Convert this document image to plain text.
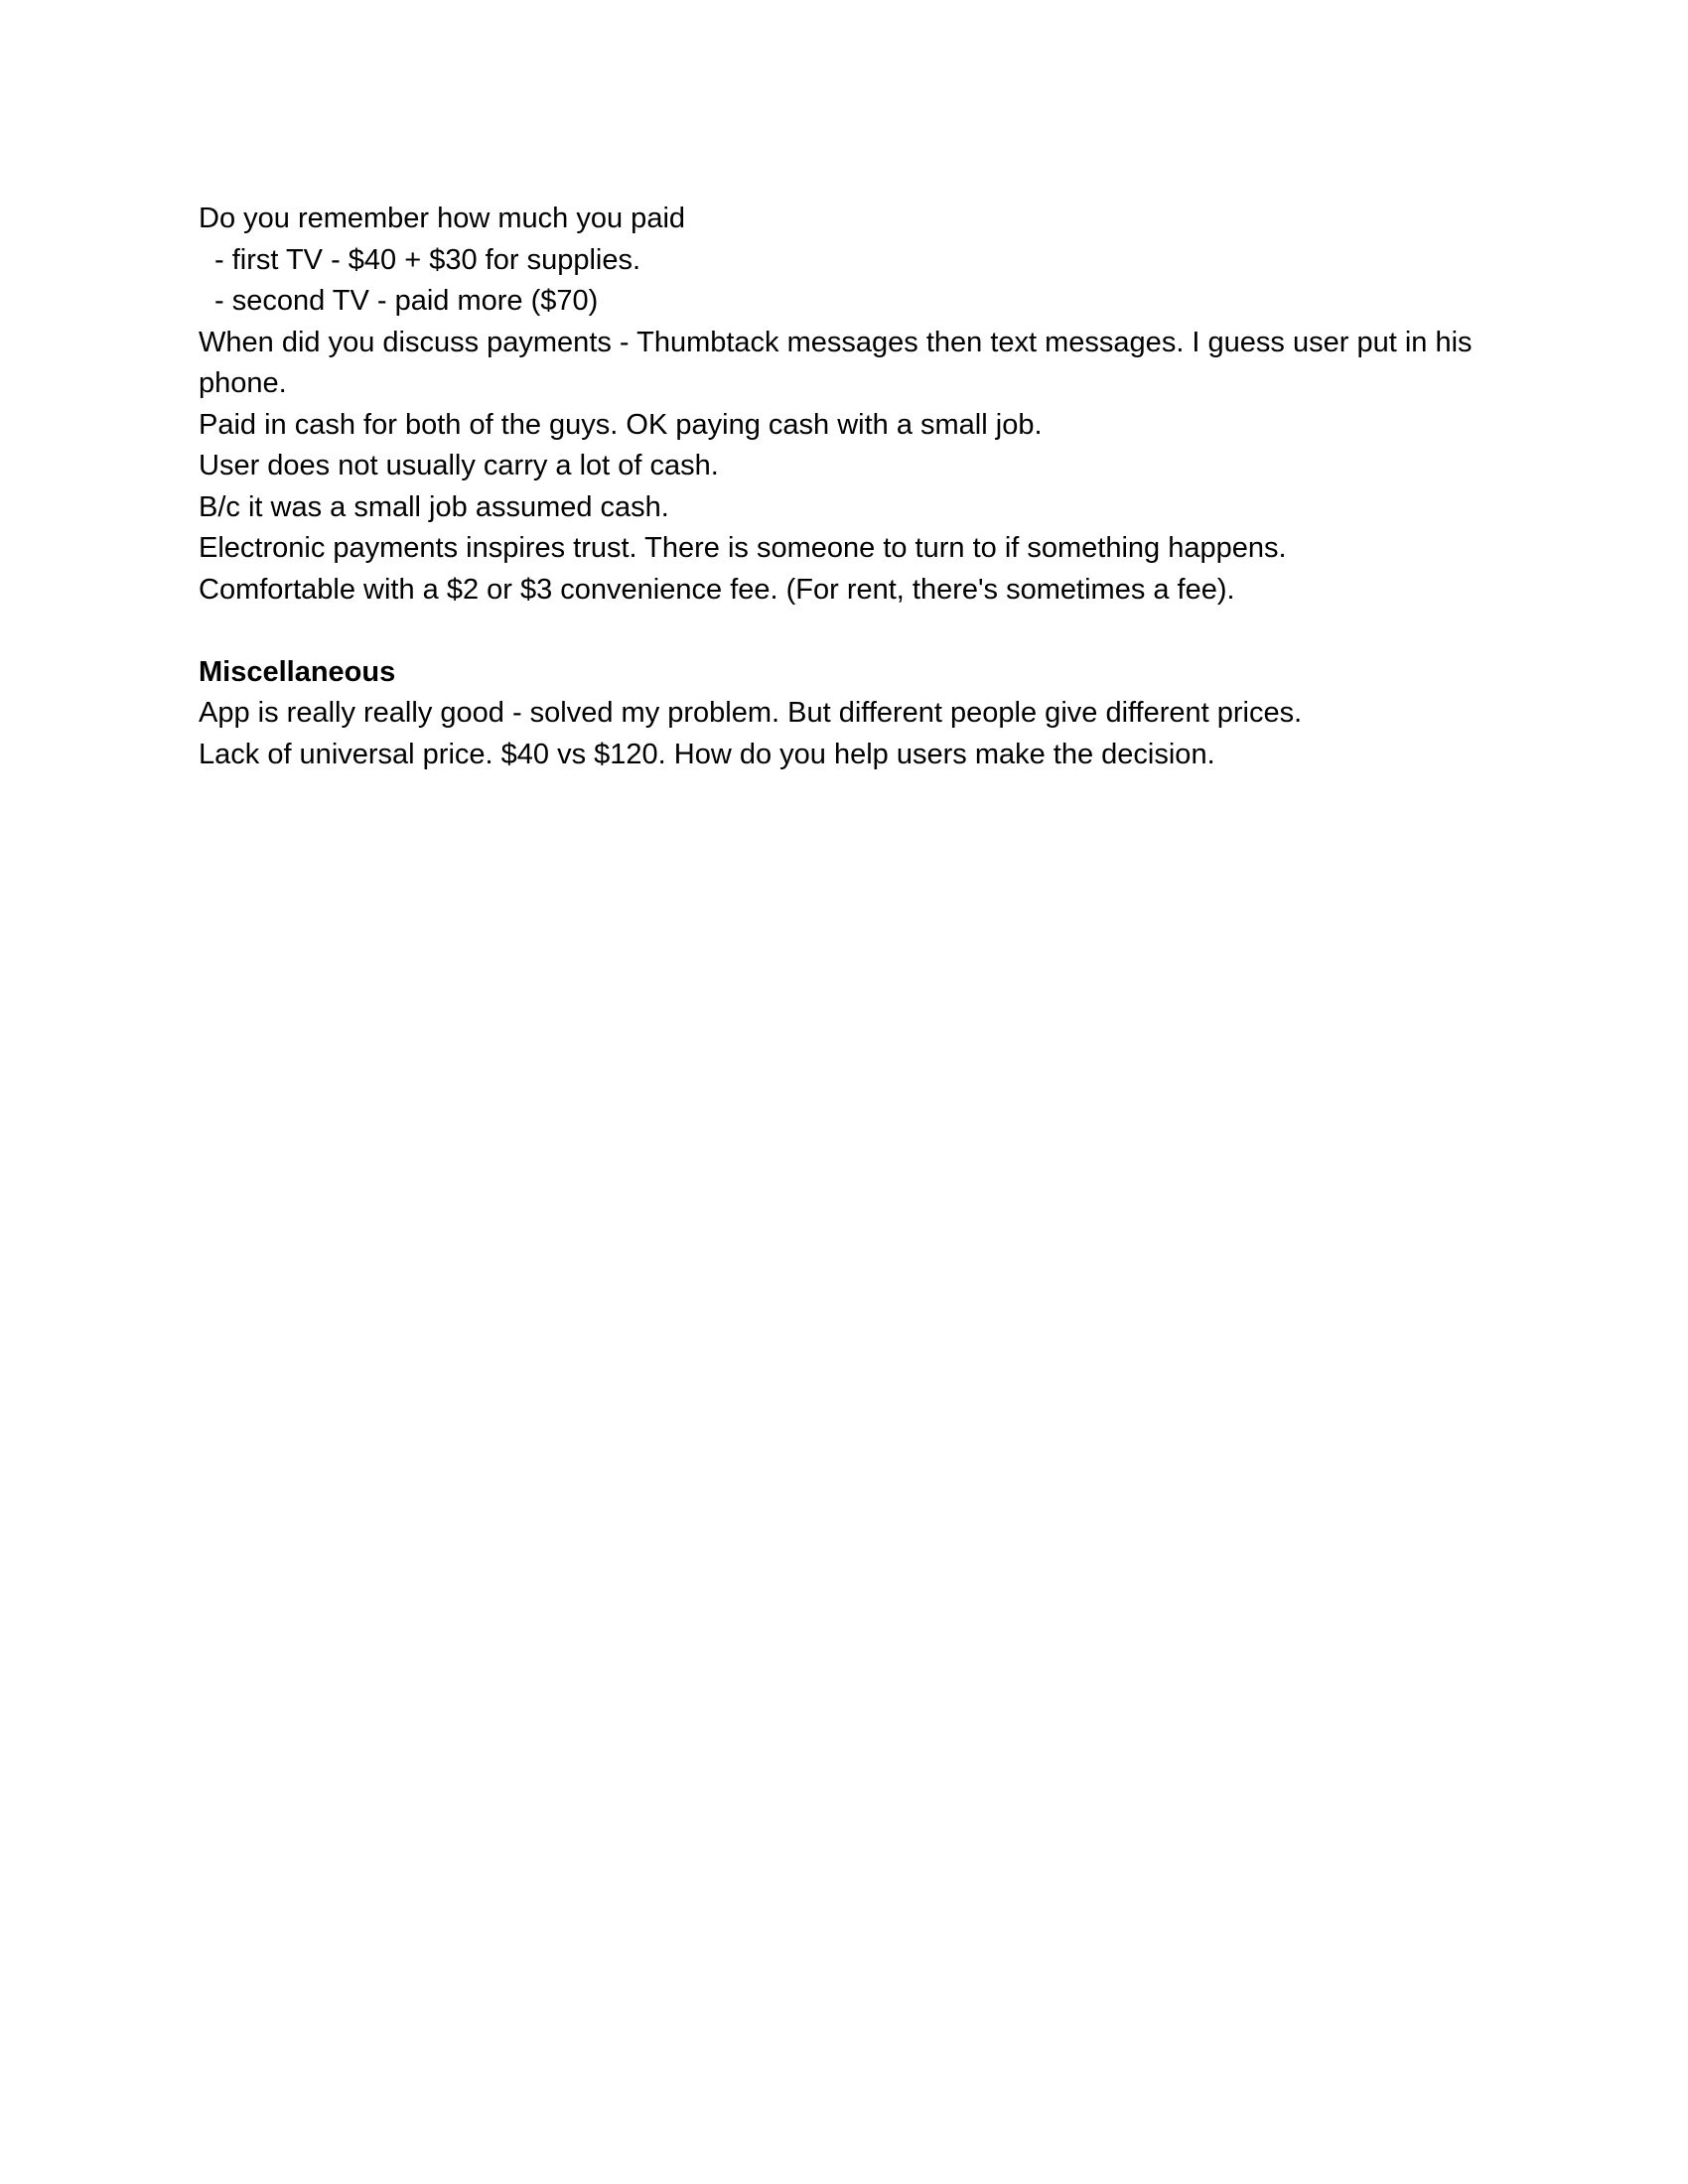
Do you remember how much you paid

- first TV - $40 + $30 for supplies.

- second TV - paid more ($70)

When did you discuss payments - Thumbtack messages then text messages. I guess user put in his phone.

Paid in cash for both of the guys. OK paying cash with a small job.

User does not usually carry a lot of cash.

B/c it was a small job assumed cash.

Electronic payments inspires trust. There is someone to turn to if something happens.

Comfortable with a $2 or $3 convenience fee. (For rent, there's sometimes a fee).

Miscellaneous

App is really really good - solved my problem. But different people give different prices.

Lack of universal price. $40 vs $120. How do you help users make the decision.
